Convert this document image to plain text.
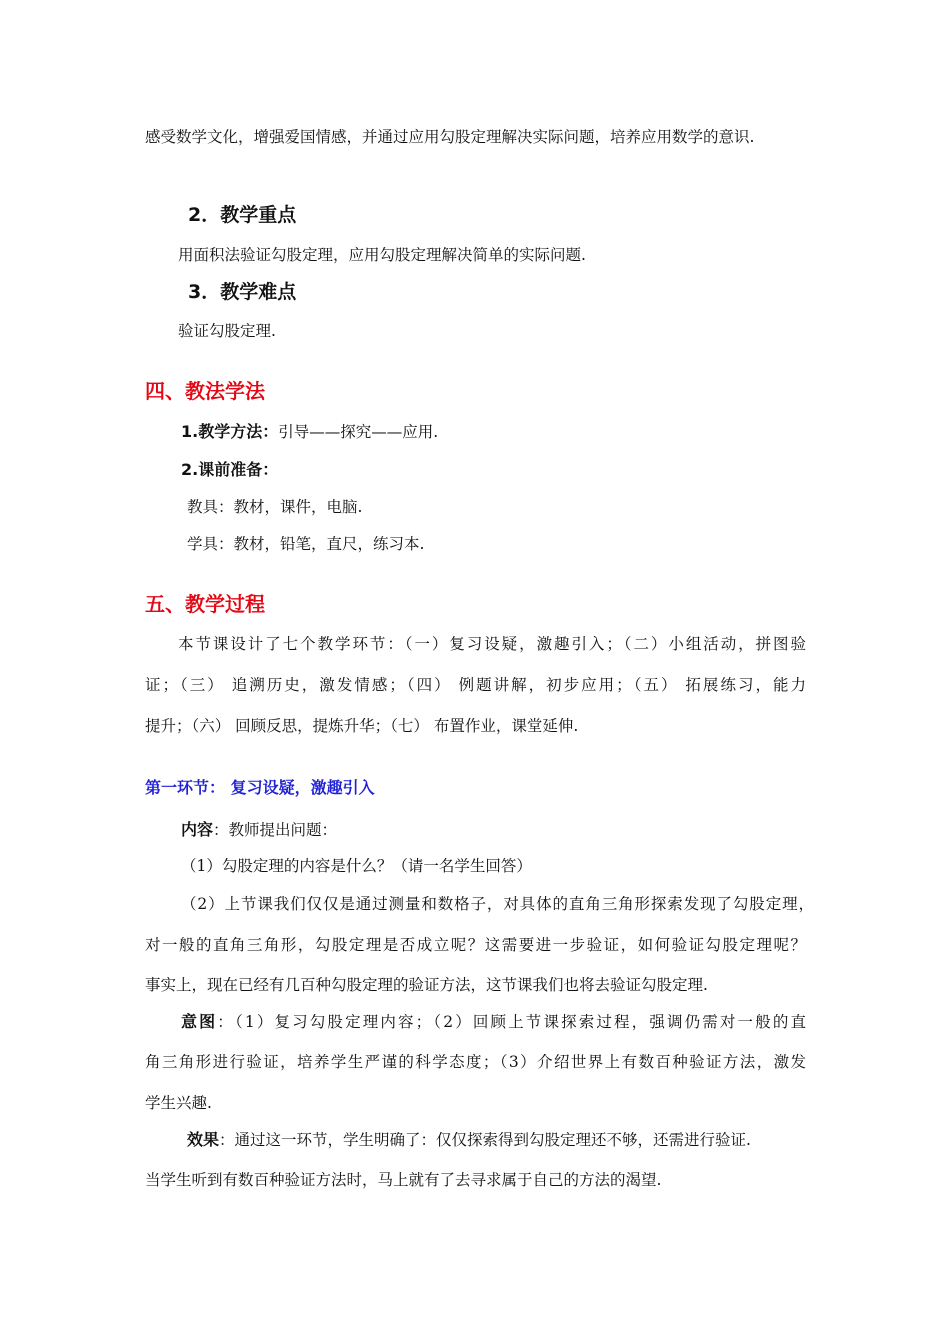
感受数学文化，增强爱国情感，并通过应用勾股定理解决实际问题，培养应用数学的意识.
2．教学重点
用面积法验证勾股定理，应用勾股定理解决简单的实际问题.
3．教学难点
验证勾股定理.
四、教法学法
1.教学方法：引导——探究——应用.
2.课前准备：
教具：教材，课件，电脑.
学具：教材，铅笔，直尺，练习本.
五、教学过程
本节课设计了七个教学环节：（一）复习设疑，激趣引入；（二）小组活动，拼图验
证；（三） 追溯历史，激发情感；（四） 例题讲解，初步应用；（五） 拓展练习，能力
提升；（六） 回顾反思，提炼升华；（七） 布置作业，课堂延伸.
第一环节： 复习设疑，激趣引入
内容：教师提出问题：
（1）勾股定理的内容是什么？（请一名学生回答）
（2）上节课我们仅仅是通过测量和数格子，对具体的直角三角形探索发现了勾股定理，
对一般的直角三角形，勾股定理是否成立呢？这需要进一步验证，如何验证勾股定理呢？
事实上，现在已经有几百种勾股定理的验证方法，这节课我们也将去验证勾股定理.
意图：（1）复习勾股定理内容；（2）回顾上节课探索过程，强调仍需对一般的直
角三角形进行验证，培养学生严谨的科学态度；（3）介绍世界上有数百种验证方法，激发
学生兴趣.
效果：通过这一环节，学生明确了：仅仅探索得到勾股定理还不够，还需进行验证.
当学生听到有数百种验证方法时，马上就有了去寻求属于自己的方法的渴望.
